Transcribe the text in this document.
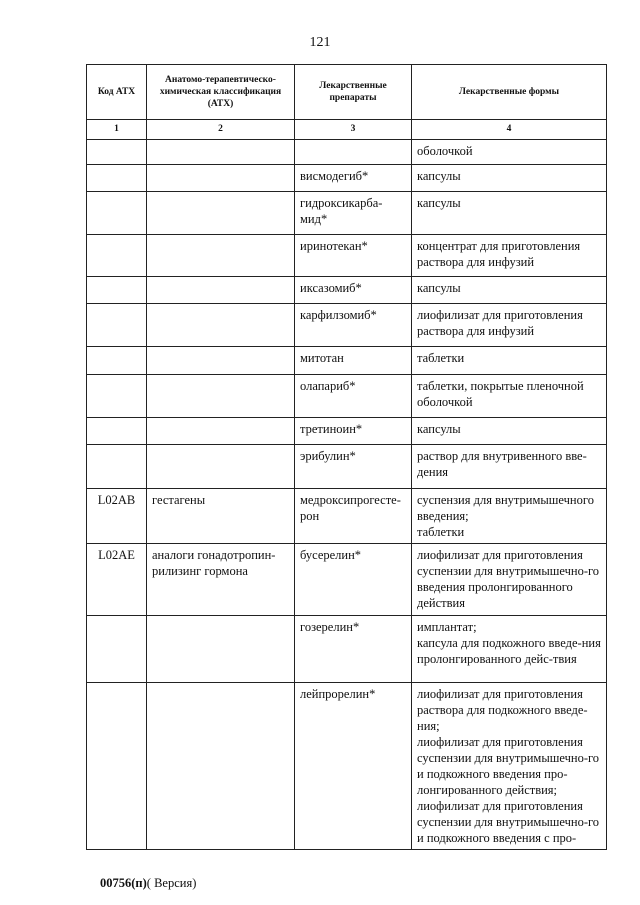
121
Код АТХ	Анатомо-терапевтическо-химическая классификация (АТХ)	Лекарственные препараты	Лекарственные формы
1	2	3	4
			оболочкой
		висмодегиб*	капсулы
		гидроксикарба-мид*	капсулы
		иринотекан*	концентрат для приготовления раствора для инфузий
		иксазомиб*	капсулы
		карфилзомиб*	лиофилизат для приготовления раствора для инфузий
		митотан	таблетки
		олапариб*	таблетки, покрытые пленочной оболочкой
		третиноин*	капсулы
		эрибулин*	раствор для внутривенного вве-дения
L02AB	гестагены	медроксипрогесте-рон	суспензия для внутримышечного введения;
таблетки
L02AE	аналоги гонадотропин-рилизинг гормона	бусерелин*	лиофилизат для приготовления суспензии для внутримышечно-го введения пролонгированного действия
		гозерелин*	имплантат;
капсула для подкожного введе-ния пролонгированного дейс-твия
		лейпрорелин*	лиофилизат для приготовления раствора для подкожного введе-ния;
лиофилизат для приготовления суспензии для внутримышечно-го и подкожного введения про-лонгированного действия;
лиофилизат для приготовления суспензии для внутримышечно-го и подкожного введения с про-
00756(п)( Версия)
